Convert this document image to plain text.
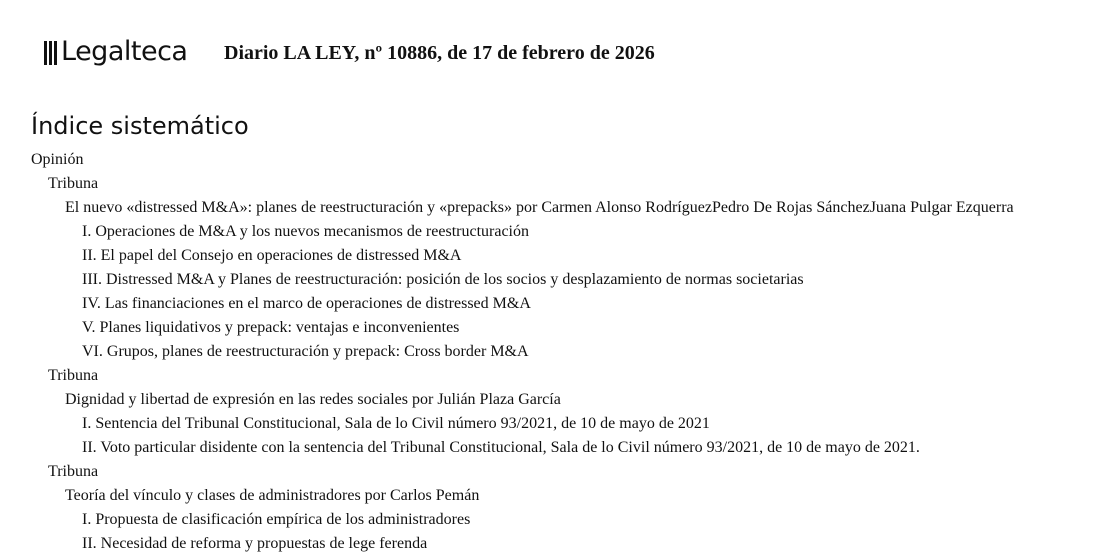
Legalteca Diario LA LEY, nº 10886, de 17 de febrero de 2026
Índice sistemático
Opinión
Tribuna
El nuevo «distressed M&A»: planes de reestructuración y «prepacks» por Carmen Alonso RodríguezPedro De Rojas SánchezJuana Pulgar Ezquerra
I. Operaciones de M&A y los nuevos mecanismos de reestructuración
II. El papel del Consejo en operaciones de distressed M&A
III. Distressed M&A y Planes de reestructuración: posición de los socios y desplazamiento de normas societarias
IV. Las financiaciones en el marco de operaciones de distressed M&A
V. Planes liquidativos y prepack: ventajas e inconvenientes
VI. Grupos, planes de reestructuración y prepack: Cross border M&A
Tribuna
Dignidad y libertad de expresión en las redes sociales por Julián Plaza García
I. Sentencia del Tribunal Constitucional, Sala de lo Civil número 93/2021, de 10 de mayo de 2021
II. Voto particular disidente con la sentencia del Tribunal Constitucional, Sala de lo Civil número 93/2021, de 10 de mayo de 2021.
Tribuna
Teoría del vínculo y clases de administradores por Carlos Pemán
I. Propuesta de clasificación empírica de los administradores
II. Necesidad de reforma y propuestas de lege ferenda
